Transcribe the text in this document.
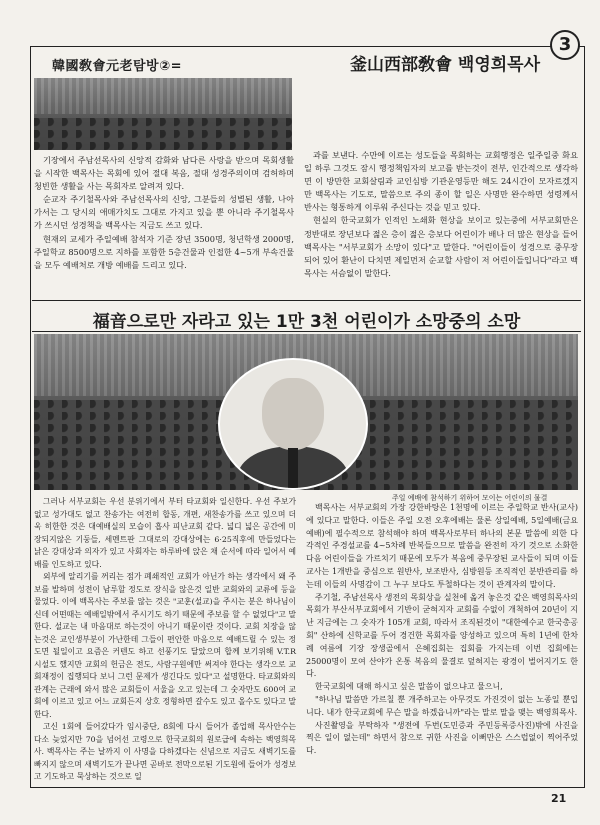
3
韓國敎會元老탐방②=	釜山西部敎會 백영희목사

기장에서 주남선목사의 신앙적 감화와 남다른 사랑을 받으며 목회생활을 시작한 백목사는 목회에 있어 절대 복음, 절대 성경주의이며 검허하며 청빈한 생활을 사는 목회자로 알려져 있다.

순교자 주기철목사와 주남선목사의 신앙, 그분들의 성별된 생활, 나아가서는 그 당시의 애매가치도 그대로 가지고 있을 뿐 아니라 주기철목사가 쓰시던 성경책을 백목사는 지금도 쓰고 있다.

현재의 교세가 주일예배 참석자 기준 장년 3500명, 청년학생 2000명, 주일학교 8500명으로 지하를 포함한 5층건물과 인접한 4~5개 부속건물을 모두 예배처로 개방 예배를 드리고 있다.

과를 보낸다. 수만에 이르는 성도들을 목회하는 교회행정은 일주일중 화요일 하루 그것도 잠시 행정책임자의 보고를 받는것이 전부, 인간적으로 생각하면 이 방만한 교회살림과 교인심방 기관운영등만 해도 24시간이 모자르겠지만 백목사는 기도로, 말씀으로 주의 종이 할 일은 사명만 완수하면 성령께서 반사는 형통하게 이루워 주신다는 것을 믿고 있다.

현실의 한국교회가 인적인 노쇄화 현상을 보이고 있는중에 서부교회만은 정반대로 장년보다 젊은 층이 젊은 층보다 어린이가 배나 더 많은 현상을 들어 백목사는 "서부교회가 소망이 있다"고 말한다. "어린이들이 성경으로 중무장되어 있어 환난이 다치면 제일먼저 순교할 사람이 저 어린이들입니다"라고 백목사는 서슴없이 말한다.

福音으로만 자라고 있는 1만 3천 어린이가 소망중의 소망
주일 예배에 참석하기 위하여 모이는 어린이의 물결

그러나 서부교회는 우선 분위기에서 부터 타교회와 일신한다. 우선 주보가 없고 성가대도 없고 찬송가는 여전히 합동, 개편, 새찬송가를 쓰고 있으며 더욱 히한한 것은 대예배실의 모습이 흡사 피난교회 같다. 넓디 넓은 공간에 미장되지않은 기둥들, 세멘트판 그대로의 강대상에는 6·25직후에 만들었다는 낡은 강대상과 의자가 있고 사회자는 하루바에 앉은 채 순서에 따라 일어서 예배를 인도하고 있다.

외부에 알리기를 꺼리는 점가 폐쇄적인 교회가 아닌가 하는 생각에서 왜 주보를 발하며 성전이 남루할 정도로 장식을 않은것 일반 교회와의 교류에 등을 물었다. 이에 백목사는 주보를 않는 것은 "교훈(설교)을 주시는 분은 하나님이신데 어떤때는 예배일밖에서 주시기도 하기 때문에 주보를 할 수 없었다"고 말한다. 설교는 내 마음대로 하는것이 아니기 때문이란 것이다. 교회 치장을 않는것은 교인생부분이 가난한데 그들이 편안한 마음으로 예배드릴 수 있는 정도면 될일이고 요즘은 커텐도 하고 선풍기도 달았으며 합께 보기위해 V.T.R 시설도 했지만 교회의 헌금은 전도, 사람구원에만 써져야 한다는 생각으로 교회재정이 집행되다 보니 그런 문제가 생긴다도 있다"고 설명한다. 타교회와의 관계는 근래에 와서 많은 교회들이 서울을 오고 있는데 그 숫자만도 600여 교회에 이르고 있고 어느 교회든지 상호 정형하면 갈수도 있고 올수도 있다고 말한다.

고신 1회에 들어갔다가 임시중단, 8회에 다시 들어가 졸업해 목사안수는 다소 늦었지만 70을 넘어선 고령으로 한국교회의 원로급에 속하는 백영희목사. 백목사는 주는 날까지 이 사명을 다하겠다는 신념으로 지금도 새벽기도를 빠지지 않으며 새벽기도가 끝나면 곧바로 전막으로된 기도원에 들어가 성경보고 기도하고 묵상하는 것으로 일

백목사는 서부교회의 가장 강한바탕은 1천명에 이르는 주일학교 반사(교사)에 있다고 말한다. 이들은 주일 오전 오후에배는 물론 상일예배, 5일예배(금요예배)에 필수적으로 참석해야 하며 백목사로부터 하나의 본문 말씀에 의한 다각적인 주경설교를 4~5차례 반복들으므로 말씀을 완전히 자기 것으로 소화한 다음 어린이들을 가르치기 때문에 모두가 복음에 중무장된 교사들이 되며 이들 교사는 1개반을 중심으로 원반사, 보조반사, 심방원등 조직적인 분반관리를 하는데 이들의 사명감이 그 누구 보다도 투철하다는 것이 관계자의 말이다.

주기철, 주남선목사 생전의 목회상을 실천에 옮겨 놓은것 같은 백영희목사의 목회가 부산서부교회에서 기반이 굳혀지자 교회를 수없이 개척하여 20년이 지난 지금에는 그 숫자가 105개 교회, 따라서 조직된것이 "대한예수교 한국총공회" 산하에 신학교를 두어 경건한 목회자를 양성하고 있으며 특히 1년에 한차례 여름에 기장 장생골에서 은혜집회는 집회를 가지는데 이번 집회에는 25000명이 모여 산야가 온통 복음의 물결로 덮혀지는 광경이 벌어지기도 한다.

한국교회에 대해 하시고 싶은 말씀이 없으냐고 물으니,

"하나님 말씀만 가르칠 뿐 개주하고는 아무것도 가진것이 없는 노종일 뿐입니다. 내가 한국교회에 무슨 말을 하겠읍니까"라는 말로 말을 맺는 백영희목사.

사진촬영을 부탁하자 "생전에 두번(도민증과 주민등록증사진)밖에 사진을 찍은 일이 없는데" 하면서 참으로 귀한 사진을 이뻐만은 스스럽없이 찍어주었다.

21
